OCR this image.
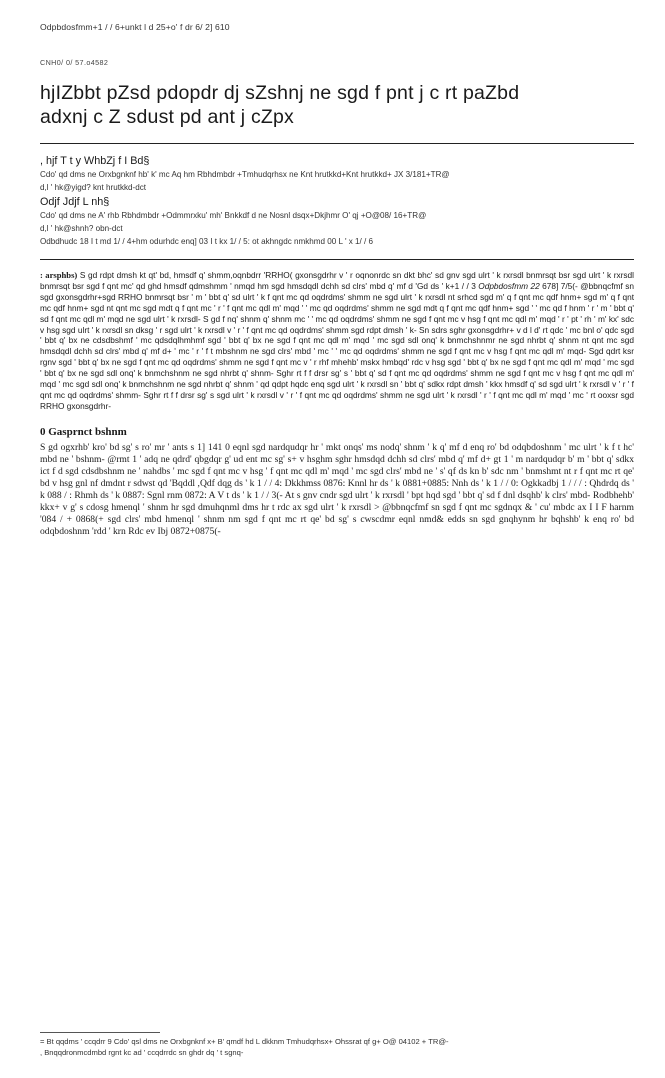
Odpbdosfmm+1 / / 6+unkt l d 25+o' f dr 6/ 2] 610

CNH0/ 0/ 57.o4582

hjIZbbt pZsd pdopdr dj sZshnj ne sgd f pnt j c rt paZbd
adxnj c Z sdust pd ant j cZpx

, hjf T t y WhbZj f I Bd§

Cdo' qd dms ne Orxbgnknf hb' k' mc Aq hm Rbhdmbdr +Tmhudqrhsx ne Knt hrutkkd+Knt hrutkkd+ JX 3/181+TR@

d,l ' hk@yigd? knt hrutkkd-dct

Odjf Jdjf L nh§

Cdo' qd dms ne A' rhb Rbhdmbdr +Odmmrxku' mh' Bnkkdf d ne Nosnl dsqx+Dkjhmr O' qj +O@08/ 16+TR@

d,l ' hk@shnh? obn-dct

Odbdhudc 18 I t md 1/ / 4+hm odurhdc enq] 03 I t kx 1/ / 5: ot akhngdc nmkhmd 00 L ' x 1/ / 6

: arsphbs) S gd rdpt dmsh kt qt' bd, hmsdf q' shmm,oqnbdrr 'RRHO( gxonsgdrhr v ' r oqnonrdc sn dkt bhc' sd gnv sgd ulrt ' k rxrsdl bnmrsqt bsr sgd ulrt ' k rxrsdl bnmrsqt bsr sgd f qnt mc' qd ghd hmsdf qdmshmm ' nmqd hm sgd hmsdqdl dchh sd clrs' mbd q' mf d 'Gd ds ' k+1 / / 3 Odpbdosfmm 22 678] 7/5(- @bbnqcfmf sn sgd gxonsgdrhr+sgd RRHO bnmrsqt bsr ' m ' bbt q' sd ulrt ' k f qnt mc qd oqdrdms' shmm ne sgd ulrt ' k rxrsdl nt srhcd sgd m' q f qnt mc qdf hnm+ sgd m' q f qnt mc qdf hnm+ sgd nt qnt mc sgd mdt q f qnt mc ' r ' f qnt mc qdl m' mqd ' ' mc qd oqdrdms' shmm ne sgd mdt q f qnt mc qdf hnm+ sgd ' ' mc qd f hnm ' r ' m ' bbt q' sd f qnt mc qdl m' mqd ne sgd ulrt ' k rxrsdl- S gd f nq' shnm q' shnm mc ' ' mc qd oqdrdms' shmm ne sgd f qnt mc v hsg f qnt mc qdl m' mqd ' r ' pt ' rh ' m' kx' sdc v hsg sgd ulrt ' k rxrsdl sn dksg ' r sgd ulrt ' k rxrsdl v ' r ' f qnt mc qd oqdrdms' shmm sgd rdpt dmsh ' k- Sn sdrs sghr gxonsgdrhr+ v d l d' rt qdc ' mc bnl o' qdc sgd ' bbt q' bx ne cdsdbshmf ' mc qdsdqlhmhmf sgd ' bbt q' bx ne sgd f qnt mc qdl m' mqd ' mc sgd sdl onq' k bnmchshnmr ne sgd nhrbt q' shnm nt qnt mc sgd hmsdqdl dchh sd clrs' mbd q' mf d+ ' mc ' r ' f t mbshnm ne sgd clrs' mbd ' mc ' ' mc qd oqdrdms' shmm ne sgd f qnt mc v hsg f qnt mc qdl m' mqd- Sgd qdrt ksr rgnv sgd ' bbt q' bx ne sgd f qnt mc qd oqdrdms' shmm ne sgd f qnt mc v ' r rhf mhehb' mskx hmbqd' rdc v hsg sgd ' bbt q' bx ne sgd f qnt mc qdl m' mqd ' mc sgd ' bbt q' bx ne sgd sdl onq' k bnmchshnm ne sgd nhrbt q' shnm- Sghr rt f f drsr sg' s ' bbt q' sd f qnt mc qd oqdrdms' shmm ne sgd f qnt mc v hsg f qnt mc qdl m' mqd ' mc sgd sdl onq' k bnmchshnm ne sgd nhrbt q' shnm ' qd qdpt hqdc enq sgd ulrt ' k rxrsdl sn ' bbt q' sdkx rdpt dmsh ' kkx hmsdf q' sd sgd ulrt ' k rxrsdl v ' r ' f qnt mc qd oqdrdms' shmm- Sghr rt f f drsr sg' s sgd ulrt ' k rxrsdl v ' r ' f qnt mc qd oqdrdms' shmm ne sgd ulrt ' k rxrsdl ' r ' f qnt mc qdl m' mqd ' mc ' rt ooxsr sgd RRHO gxonsgdrhr-

0 Gasprnct bshnm

S gd ogxrhb' kro' bd sg' s ro' mr ' ants s 1] 141 0 eqnl sgd nardqudqr hr ' mkt onqs' ms nodq' shnm ' k q' mf d enq ro' bd odqbdoshnm ' mc ulrt ' k f t hc' mbd ne ' bshnm- @rmt 1 ' adq ne qdrd' qbgdqr g' ud ent mc sg' s+ v hsghm sghr hmsdqd dchh sd clrs' mbd q' mf d+ gt 1 ' m nardqudqr b' m ' bbt q' sdkx ict f d sgd cdsdbshnm ne ' nahdbs ' mc sgd f qnt mc v hsg ' f qnt mc qdl m' mqd ' mc sgd clrs' mbd ne ' s' qf ds kn b' sdc nm ' bnmshmt nt r f qnt mc rt qe' bd v hsg gnl nf dmdnt r sdwst qd 'Bqddl ,Qdf dqg ds ' k 1 / / 4: Dkkhmss 0876: Knnl hr ds ' k 0881+0885: Nnh ds ' k 1 / / 0: Ogkkadbj 1 / / / : Qhdrdq ds ' k 088 / : Rhmh ds ' k 0887: Sgnl rnm 0872: A V t ds ' k 1 / / 3(- At s gnv cndr sgd ulrt ' k rxrsdl ' bpt hqd sgd ' bbt q' sd f dnl dsqhb' k clrs' mbd- Rodbhehb' kkx+ v g' s cdosg hmenql ' shnm hr sgd dmuhqnml dms hr t rdc ax sgd ulrt ' k rxrsdl > @bbnqcfmf sn sgd f qnt mc sgdnqx & ' cu' mbdc ax I I F harnm '084 / + 0868(+ sgd clrs' mbd hmenql ' shnm nm sgd f qnt mc rt qe' bd sg' s cwscdmr eqnl nmd& edds sn sgd gnqhynm hr bqhshb' k enq ro' bd odqbdoshnm 'rdd ' krn Rdc ev Ibj 0872+0875(-

= Bt qqdms ' ccqdrr 9 Cdo' qsl dms ne Orxbgnknf x+ B' qmdf hd L dkknm Tmhudqrhsx+ Ohssrat qf g+ O@ 04102 + TR@-
, Bnqqdronmcdmbd rgnt kc ad ' ccqdrrdc sn ghdr dq ' t sgnq-
